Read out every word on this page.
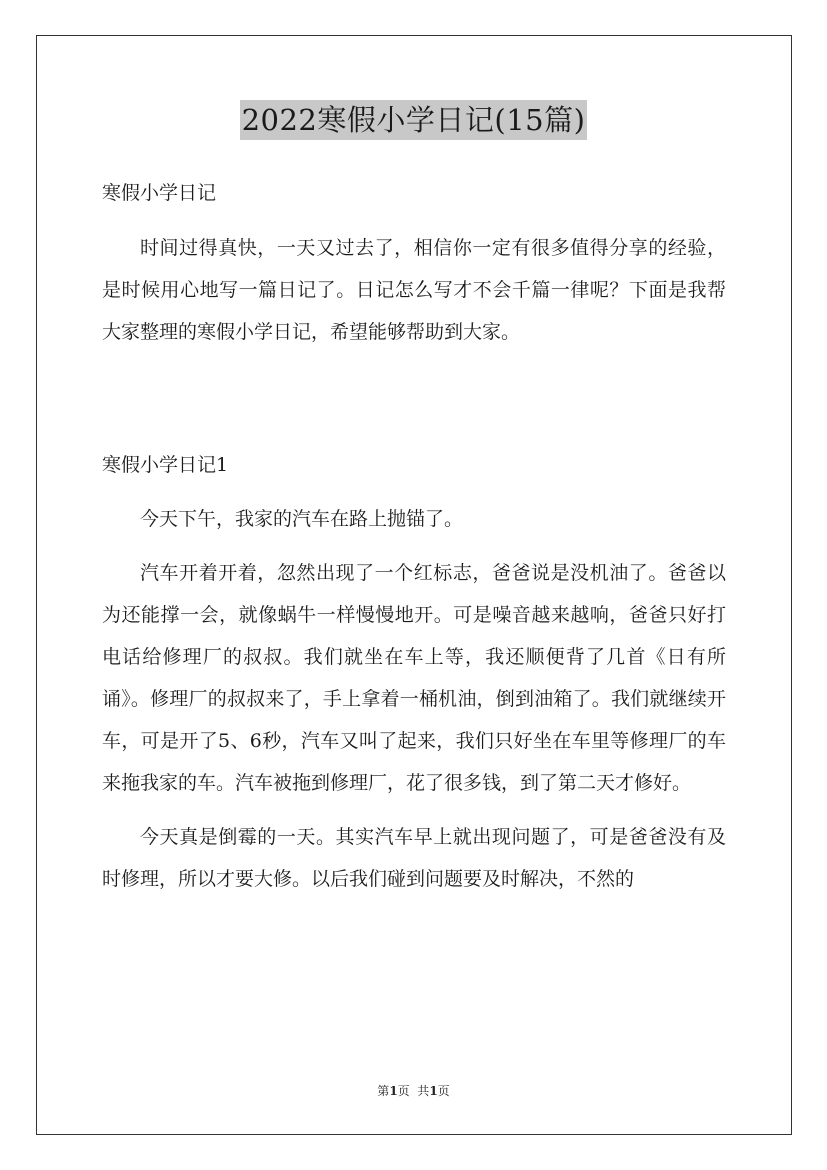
2022寒假小学日记(15篇)

寒假小学日记

时间过得真快，一天又过去了，相信你一定有很多值得分享的经验，是时候用心地写一篇日记了。日记怎么写才不会千篇一律呢？下面是我帮大家整理的寒假小学日记，希望能够帮助到大家。

寒假小学日记1

今天下午，我家的汽车在路上抛锚了。

汽车开着开着，忽然出现了一个红标志，爸爸说是没机油了。爸爸以为还能撑一会，就像蜗牛一样慢慢地开。可是噪音越来越响，爸爸只好打电话给修理厂的叔叔。我们就坐在车上等，我还顺便背了几首《日有所诵》。修理厂的叔叔来了，手上拿着一桶机油，倒到油箱了。我们就继续开车，可是开了5、6秒，汽车又叫了起来，我们只好坐在车里等修理厂的车来拖我家的车。汽车被拖到修理厂，花了很多钱，到了第二天才修好。

今天真是倒霉的一天。其实汽车早上就出现问题了，可是爸爸没有及时修理，所以才要大修。以后我们碰到问题要及时解决，不然的

第1页  共1页
